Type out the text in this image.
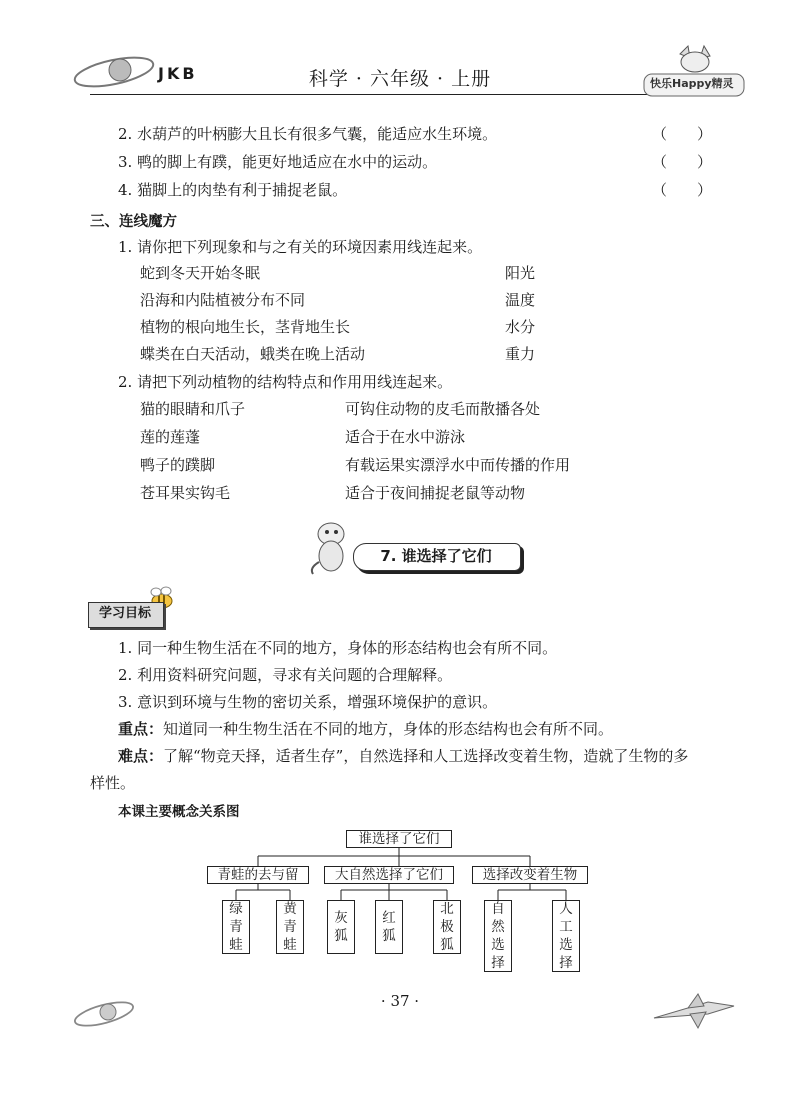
JKB	科学 · 六年级 · 上册	快乐Happy精灵
2. 水葫芦的叶柄膨大且长有很多气囊，能适应水生环境。	（　　）
3. 鸭的脚上有蹼，能更好地适应在水中的运动。	（　　）
4. 猫脚上的肉垫有利于捕捉老鼠。	（　　）
三、连线魔方
1. 请你把下列现象和与之有关的环境因素用线连起来。
蛇到冬天开始冬眠	阳光
沿海和内陆植被分布不同	温度
植物的根向地生长，茎背地生长	水分
蝶类在白天活动，蛾类在晚上活动	重力
2. 请把下列动植物的结构特点和作用用线连起来。
猫的眼睛和爪子	可钩住动物的皮毛而散播各处
莲的莲蓬	适合于在水中游泳
鸭子的蹼脚	有载运果实漂浮水中而传播的作用
苍耳果实钩毛	适合于夜间捕捉老鼠等动物
7. 谁选择了它们
学习目标
1. 同一种生物生活在不同的地方，身体的形态结构也会有所不同。
2. 利用资料研究问题，寻求有关问题的合理解释。
3. 意识到环境与生物的密切关系，增强环境保护的意识。
重点：知道同一种生物生活在不同的地方，身体的形态结构也会有所不同。
难点：了解“物竞天择，适者生存”，自然选择和人工选择改变着生物，造就了生物的多
样性。
本课主要概念关系图
谁选择了它们
青蛙的去与留	大自然选择了它们	选择改变着生物
绿
青
蛙
黄
青
蛙
灰
狐
红
狐
北
极
狐
自
然
选
择
人
工
选
择
· 37 ·
